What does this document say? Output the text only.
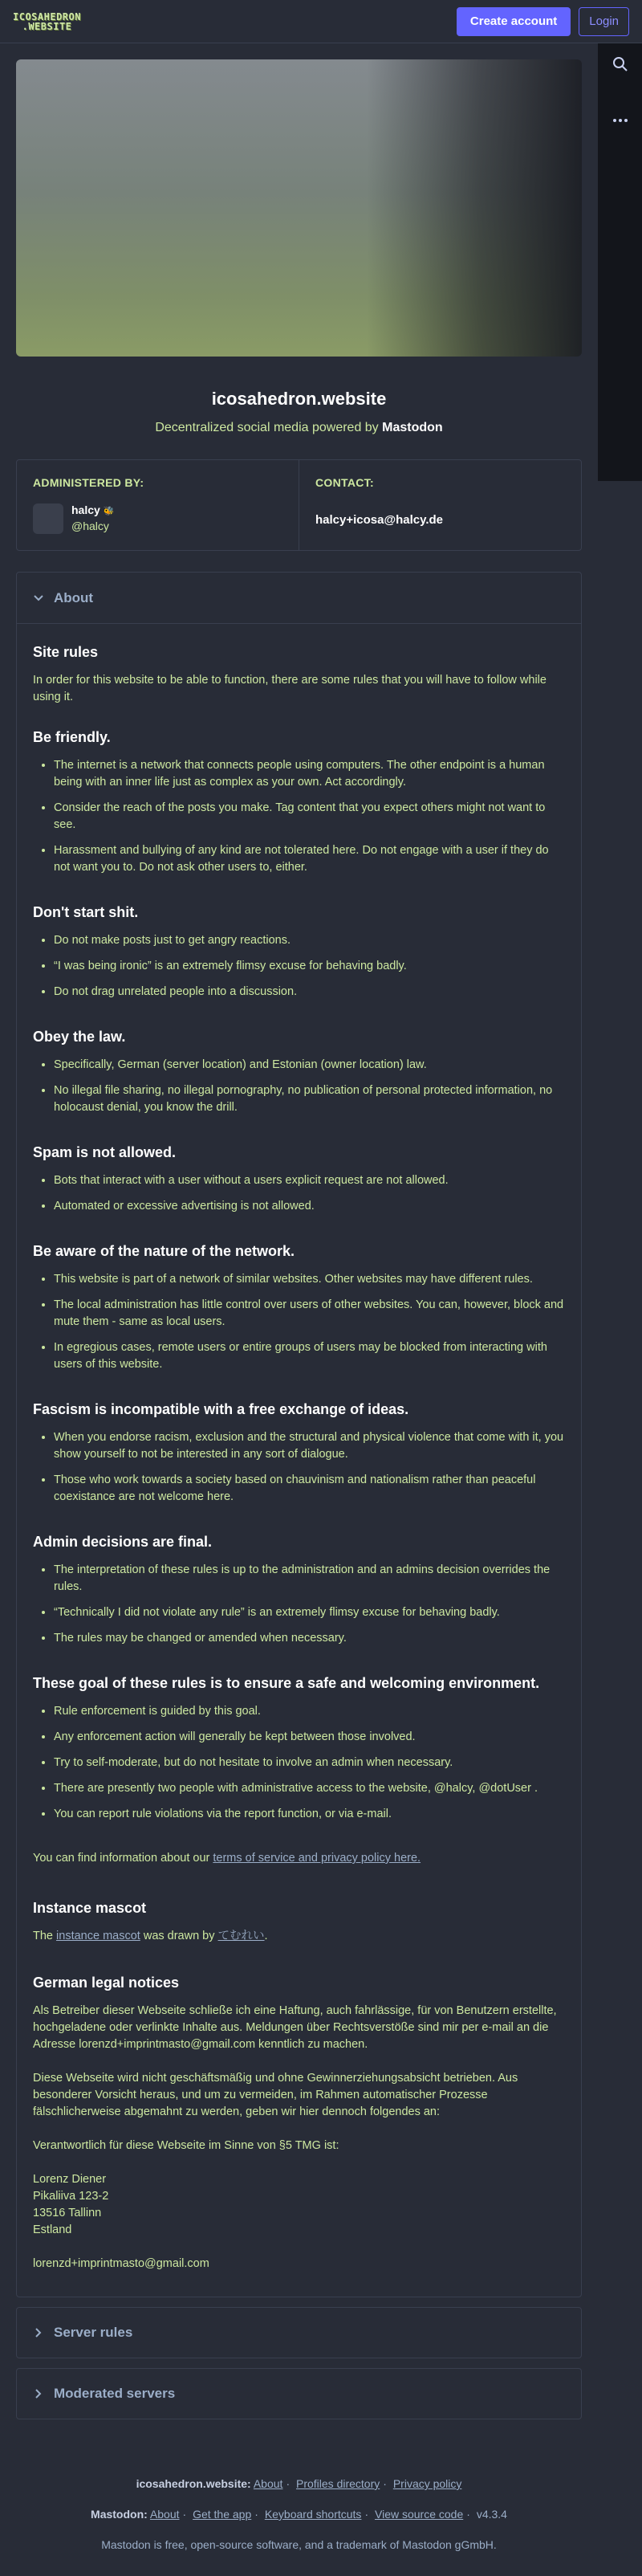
ICOSAHEDRON
.WEBSITE	Create account	Login
icosahedron.website
Decentralized social media powered by Mastodon
ADMINISTERED BY:
halcy 🐝
@halcy
CONTACT:
halcy+icosa@halcy.de
About
Site rules

In order for this website to be able to function, there are some rules that you will have to follow while using it.

Be friendly.
• The internet is a network that connects people using computers. The other endpoint is a human being with an inner life just as complex as your own. Act accordingly.
• Consider the reach of the posts you make. Tag content that you expect others might not want to see.
• Harassment and bullying of any kind are not tolerated here. Do not engage with a user if they do not want you to. Do not ask other users to, either.
Don't start shit.
• Do not make posts just to get angry reactions.
• “I was being ironic” is an extremely flimsy excuse for behaving badly.
• Do not drag unrelated people into a discussion.
Obey the law.
• Specifically, German (server location) and Estonian (owner location) law.
• No illegal file sharing, no illegal pornography, no publication of personal protected information, no holocaust denial, you know the drill.
Spam is not allowed.
• Bots that interact with a user without a users explicit request are not allowed.
• Automated or excessive advertising is not allowed.
Be aware of the nature of the network.
• This website is part of a network of similar websites. Other websites may have different rules.
• The local administration has little control over users of other websites. You can, however, block and mute them - same as local users.
• In egregious cases, remote users or entire groups of users may be blocked from interacting with users of this website.
Fascism is incompatible with a free exchange of ideas.
• When you endorse racism, exclusion and the structural and physical violence that come with it, you show yourself to not be interested in any sort of dialogue.
• Those who work towards a society based on chauvinism and nationalism rather than peaceful coexistance are not welcome here.
Admin decisions are final.
• The interpretation of these rules is up to the administration and an admins decision overrides the rules.
• “Technically I did not violate any rule” is an extremely flimsy excuse for behaving badly.
• The rules may be changed or amended when necessary.
These goal of these rules is to ensure a safe and welcoming environment.
• Rule enforcement is guided by this goal.
• Any enforcement action will generally be kept between those involved.
• Try to self-moderate, but do not hesitate to involve an admin when necessary.
• There are presently two people with administrative access to the website, @halcy, @dotUser .
• You can report rule violations via the report function, or via e-mail.

You can find information about our terms of service and privacy policy here.

Instance mascot

The instance mascot was drawn by てむれい.

German legal notices

Als Betreiber dieser Webseite schließe ich eine Haftung, auch fahrlässige, für von Benutzern erstellte, hochgeladene oder verlinkte Inhalte aus. Meldungen über Rechtsverstöße sind mir per e-mail an die Adresse lorenzd+imprintmasto@gmail.com kenntlich zu machen.

Diese Webseite wird nicht geschäftsmäßig und ohne Gewinnerziehungsabsicht betrieben. Aus besonderer Vorsicht heraus, und um zu vermeiden, im Rahmen automatischer Prozesse fälschlicherweise abgemahnt zu werden, geben wir hier dennoch folgendes an:

Verantwortlich für diese Webseite im Sinne von §5 TMG ist:

Lorenz Diener
Pikaliiva 123-2
13516 Tallinn
Estland

lorenzd+imprintmasto@gmail.com

Server rules
Moderated servers
icosahedron.website: About · Profiles directory · Privacy policy
Mastodon: About · Get the app · Keyboard shortcuts · View source code · v4.3.4
Mastodon is free, open-source software, and a trademark of Mastodon gGmbH.
